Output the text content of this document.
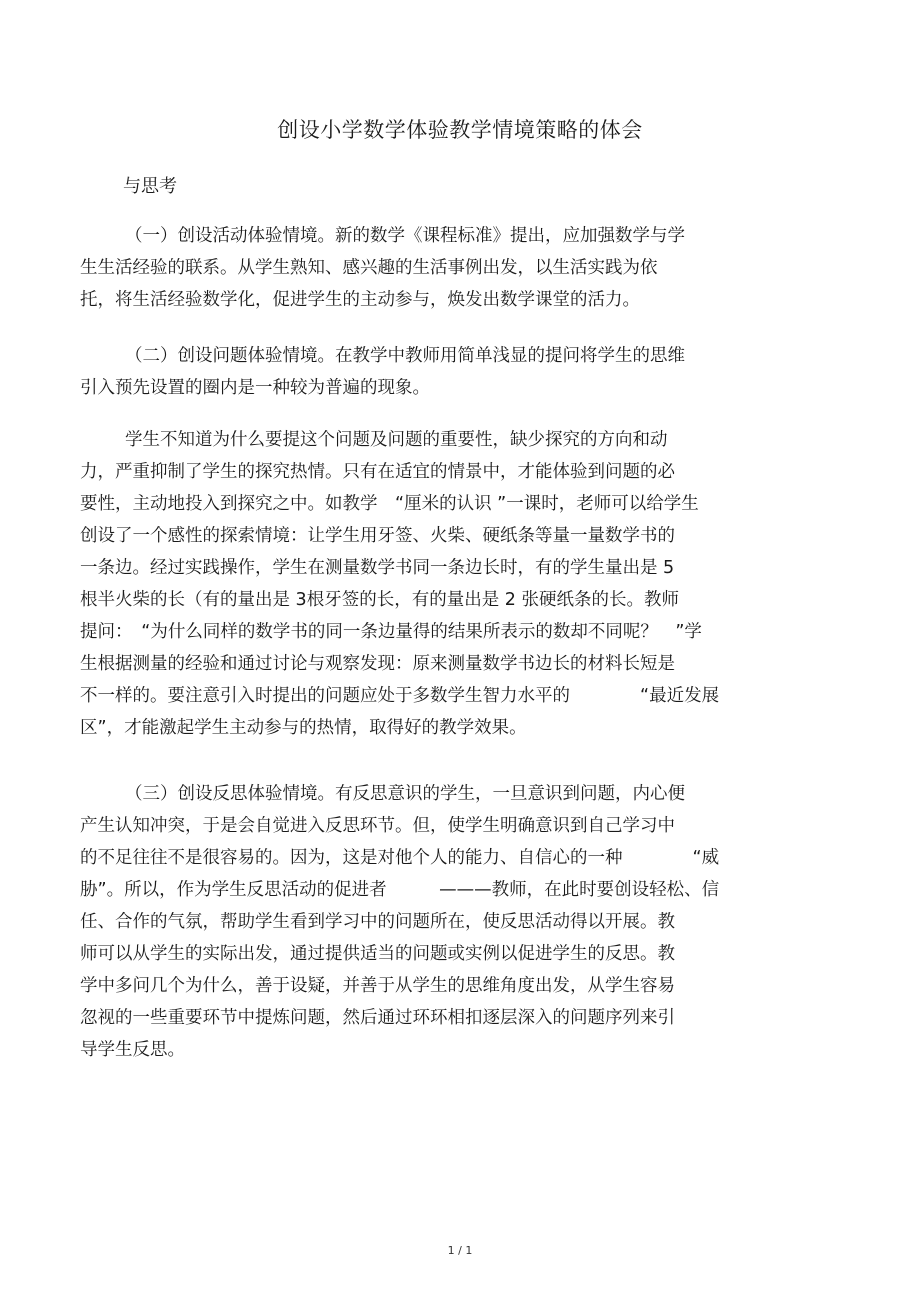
创设小学数学体验教学情境策略的体会
与思考
（一）创设活动体验情境。新的数学《课程标准》提出，应加强数学与学
生生活经验的联系。从学生熟知、感兴趣的生活事例出发，以生活实践为依
托，将生活经验数学化，促进学生的主动参与，焕发出数学课堂的活力。
（二）创设问题体验情境。在教学中教师用简单浅显的提问将学生的思维
引入预先设置的圈内是一种较为普遍的现象。
学生不知道为什么要提这个问题及问题的重要性，缺少探究的方向和动
力，严重抑制了学生的探究热情。只有在适宜的情景中，才能体验到问题的必
要性，主动地投入到探究之中。如教学　“厘米的认识 ”一课时，老师可以给学生
创设了一个感性的探索情境：让学生用牙签、火柴、硬纸条等量一量数学书的
一条边。经过实践操作，学生在测量数学书同一条边长时，有的学生量出是 5
根半火柴的长（有的量出是 3根牙签的长，有的量出是 2 张硬纸条的长。教师
提问：　“为什么同样的数学书的同一条边量得的结果所表示的数却不同呢？　”学
生根据测量的经验和通过讨论与观察发现：原来测量数学书边长的材料长短是
不一样的。要注意引入时提出的问题应处于多数学生智力水平的　　　　“最近发展
区”，才能激起学生主动参与的热情，取得好的教学效果。
（三）创设反思体验情境。有反思意识的学生，一旦意识到问题，内心便
产生认知冲突，于是会自觉进入反思环节。但，使学生明确意识到自己学习中
的不足往往不是很容易的。因为，这是对他个人的能力、自信心的一种　　　　“威
胁”。所以，作为学生反思活动的促进者　　　———教师，在此时要创设轻松、信
任、合作的气氛，帮助学生看到学习中的问题所在，使反思活动得以开展。教
师可以从学生的实际出发，通过提供适当的问题或实例以促进学生的反思。教
学中多问几个为什么，善于设疑，并善于从学生的思维角度出发，从学生容易
忽视的一些重要环节中提炼问题，然后通过环环相扣逐层深入的问题序列来引
导学生反思。
1 / 1
